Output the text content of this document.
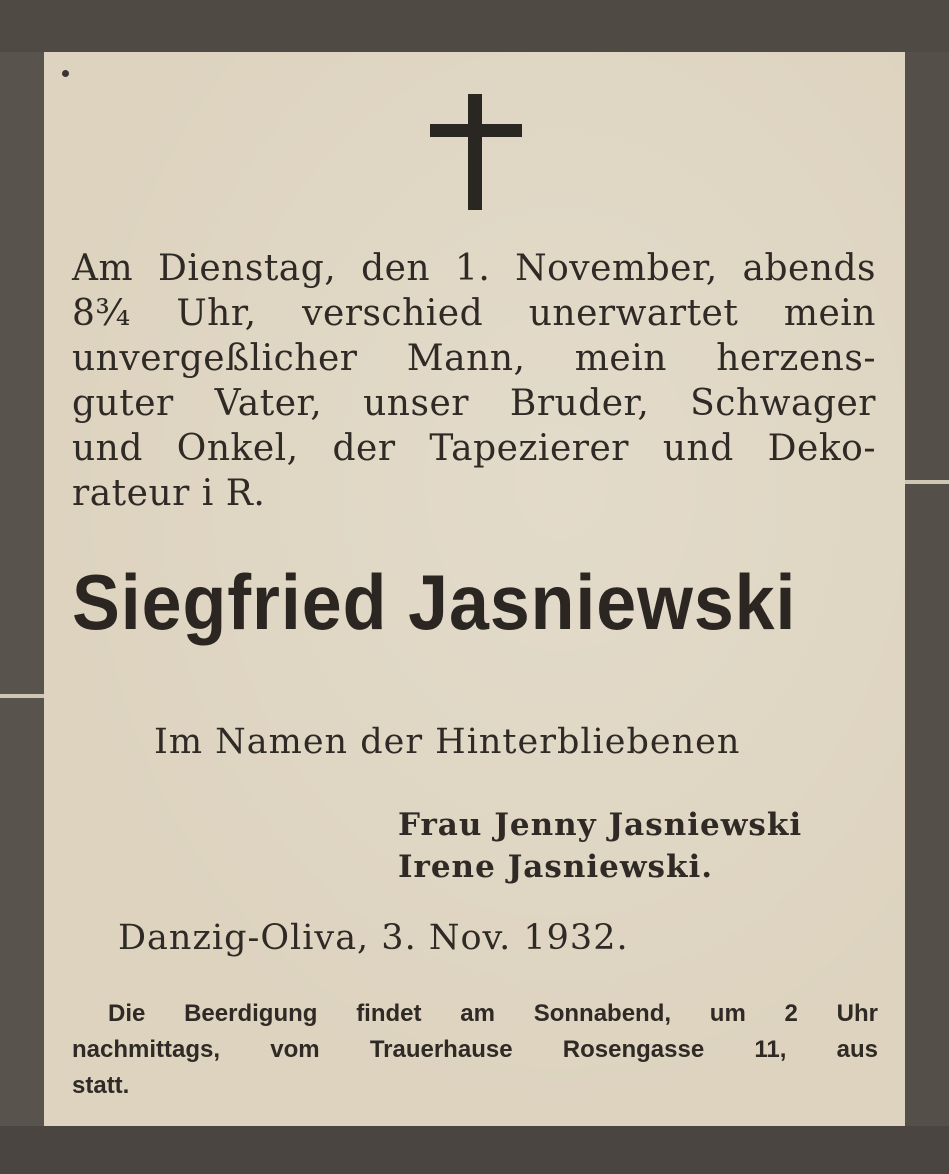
Am Dienstag, den 1. November, abends
8¾ Uhr, verschied unerwartet mein
unvergeßlicher Mann, mein herzens-
guter Vater, unser Bruder, Schwager
und Onkel, der Tapezierer und Deko-
rateur i R.
Siegfried Jasniewski
Im Namen der Hinterbliebenen
Frau Jenny Jasniewski
Irene Jasniewski.
Danzig-Oliva, 3. Nov. 1932.
Die Beerdigung findet am Sonnabend, um 2 Uhr
nachmittags, vom Trauerhause Rosengasse 11, aus
statt.
